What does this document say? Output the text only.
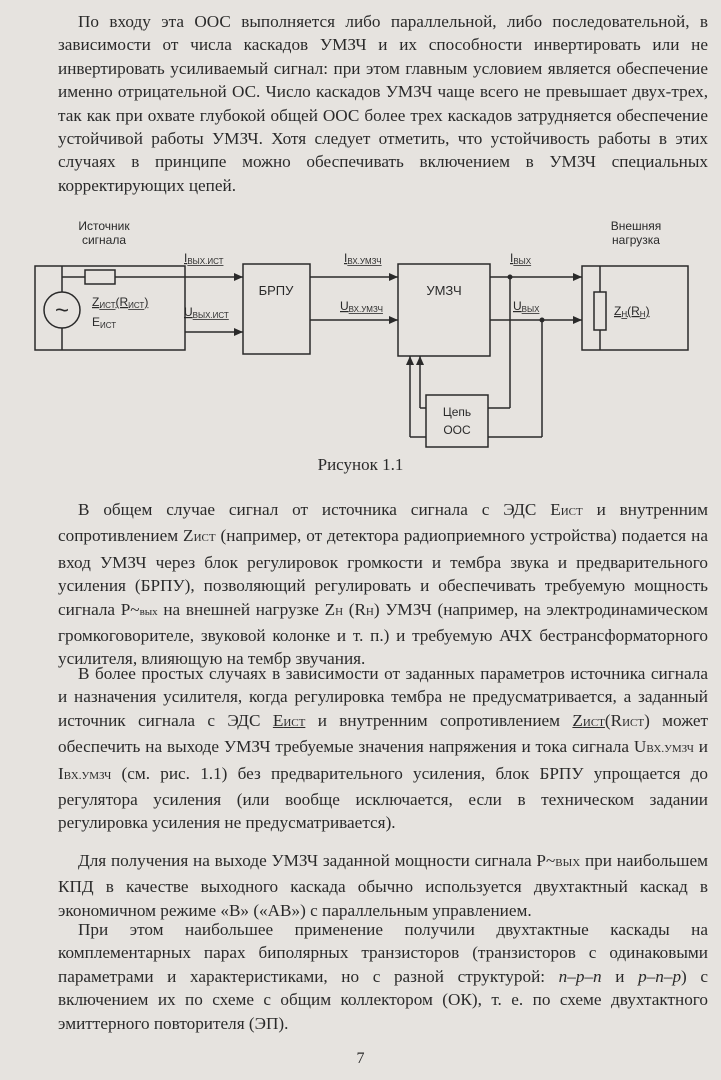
По входу эта ООС выполняется либо параллельной, либо последовательной, в зависимости от числа каскадов УМЗЧ и их способности инвертировать или не инвертировать усиливаемый сигнал: при этом главным условием является обеспечение именно отрицательной ОС. Число каскадов УМЗЧ чаще всего не превышает двух-трех, так как при охвате глубокой общей ООС более трех каскадов затрудняется обеспечение устойчивой работы УМЗЧ. Хотя следует отметить, что устойчивость работы в этих случаях в принципе можно обеспечивать включением в УМЗЧ специальных корректирующих цепей.

Источник
сигнала
Внешняя
нагрузка
~ ZИСТ(RИСТ)
EИСТ
IВЫХ.ИСТ
UВЫХ.ИСТ
БРПУ
IВХ.УМЗЧ
UВХ.УМЗЧ
УМЗЧ
IВЫХ
UВЫХ	ZН(RН)
Цепь
ООС
Рисунок 1.1

В общем случае сигнал от источника сигнала с ЭДС ЕИСТ и внутренним сопротивлением ZИСТ (например, от детектора радиоприемного устройства) подается на вход УМЗЧ через блок регулировок громкости и тембра звука и предварительного усиления (БРПУ), позволяющий регулировать и обеспечивать требуемую мощность сигнала Р~вых на внешней нагрузке ZН (RН) УМЗЧ (например, на электродинамическом громкоговорителе, звуковой колонке и т. п.) и требуемую АЧХ бестрансформаторного усилителя, влияющую на тембр звучания.

В более простых случаях в зависимости от заданных параметров источника сигнала и назначения усилителя, когда регулировка тембра не предусматривается, а заданный источник сигнала с ЭДС ЕИСТ и внутренним сопротивлением ZИСТ(RИСТ) может обеспечить на выходе УМЗЧ требуемые значения напряжения и тока сигнала UВХ.УМЗЧ и IВХ.УМЗЧ (см. рис. 1.1) без предварительного усиления, блок БРПУ упрощается до регулятора усиления (или вообще исключается, если в техническом задании регулировка усиления не предусматривается).

Для получения на выходе УМЗЧ заданной мощности сигнала Р~ВЫХ при наибольшем КПД в качестве выходного каскада обычно используется двухтактный каскад в экономичном режиме «В» («АВ») с параллельным управлением.

При этом наибольшее применение получили двухтактные каскады на комплементарных парах биполярных транзисторов (транзисторов с одинаковыми параметрами и характеристиками, но с разной структурой: n–p–n и p–n–p) с включением их по схеме с общим коллектором (ОК), т. е. по схеме двухтактного эмиттерного повторителя (ЭП).

7
